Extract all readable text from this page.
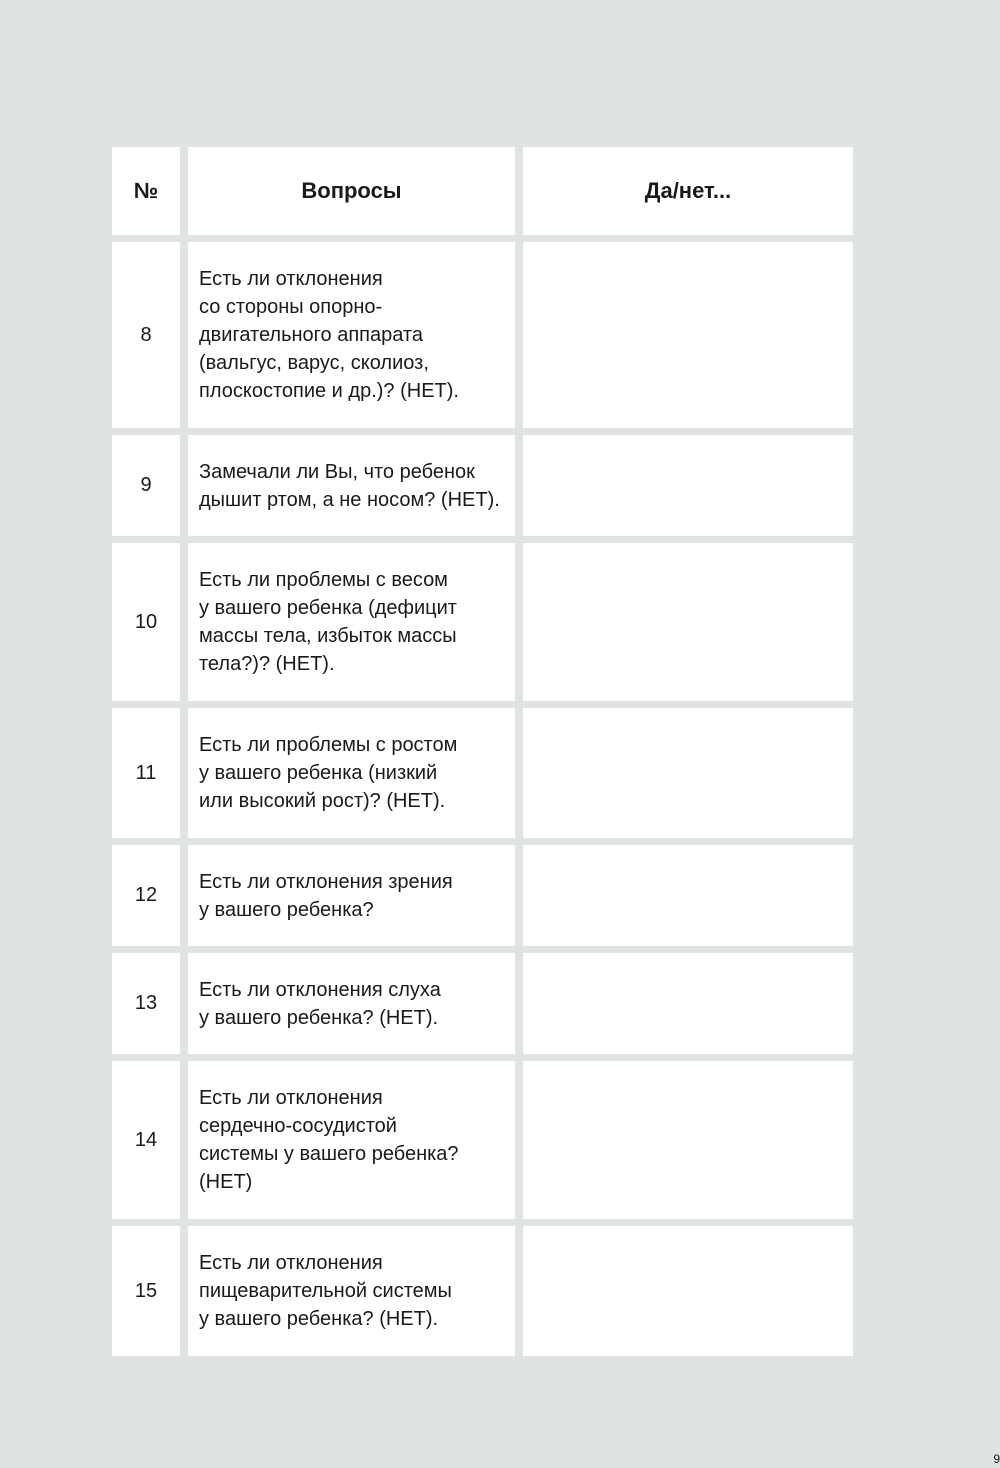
№	Вопросы	Да/нет...
8
Есть ли отклонения
со стороны опорно-
двигательного аппарата
(вальгус, варус, сколиоз,
плоскостопие и др.)? (НЕТ).
9
Замечали ли Вы, что ребенок
дышит ртом, а не носом? (НЕТ).
10
Есть ли проблемы с весом
у вашего ребенка (дефицит
массы тела, избыток массы
тела?)? (НЕТ).
11
Есть ли проблемы с ростом
у вашего ребенка (низкий
или высокий рост)? (НЕТ).
12
Есть ли отклонения зрения
у вашего ребенка?
13
Есть ли отклонения слуха
у вашего ребенка? (НЕТ).
14
Есть ли отклонения
сердечно-сосудистой
системы у вашего ребенка?
(НЕТ)
15
Есть ли отклонения
пищеварительной системы
у вашего ребенка? (НЕТ).
9
